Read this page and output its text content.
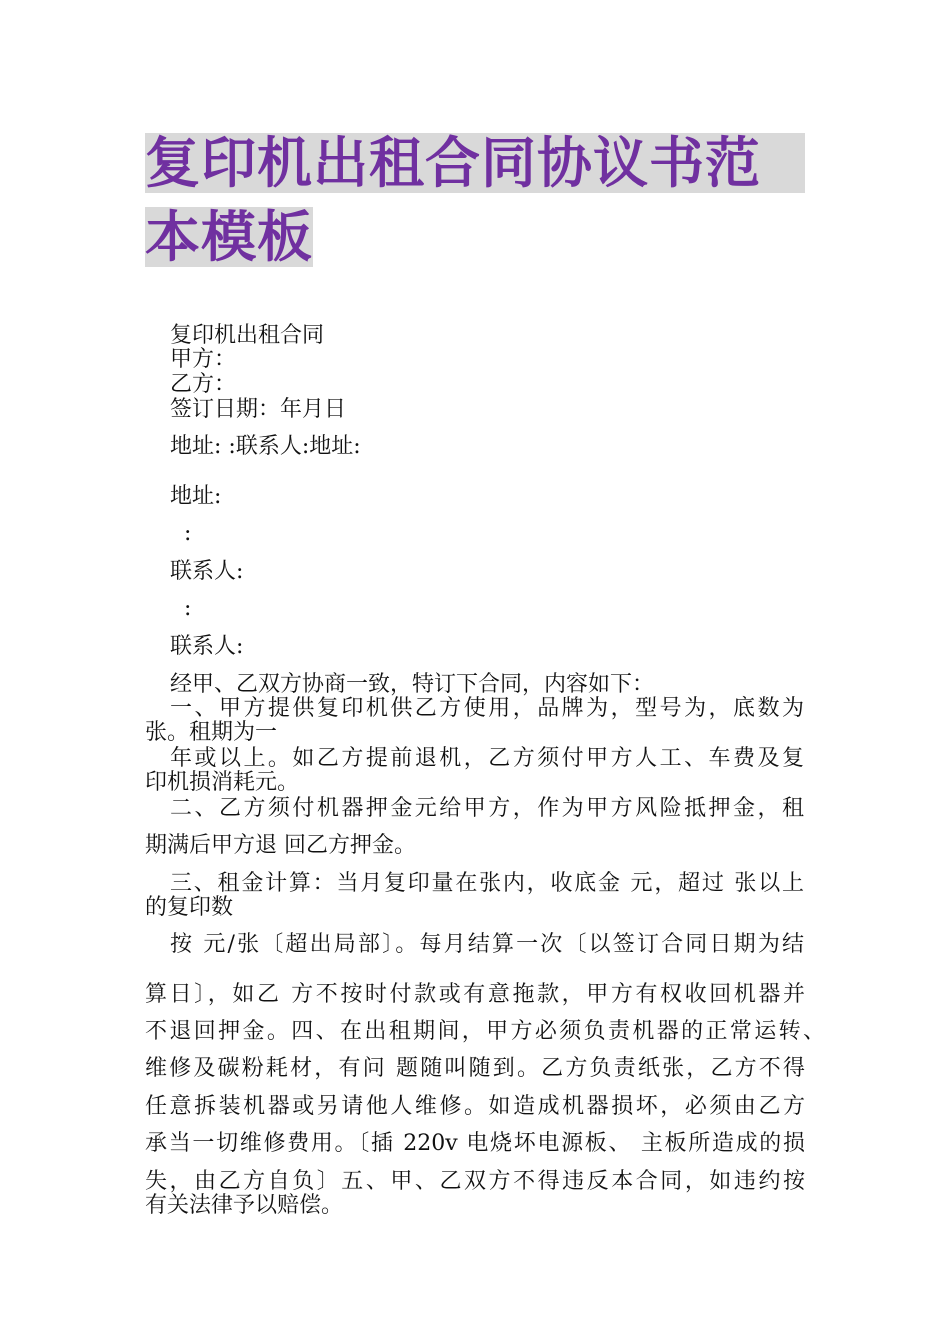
复印机出租合同协议书范
本模板

复印机出租合同

甲方：

乙方：

签订日期：年月日

地址: :联系人:地址:

地址:

:

联系人:

:

联系人:

经甲、乙双方协商一致，特订下合同，内容如下：

一、甲方提供复印机供乙方使用，品牌为，型号为，底数为

张。租期为一

年或以上。如乙方提前退机，乙方须付甲方人工、车费及复

印机损消耗元。

二、乙方须付机器押金元给甲方，作为甲方风险抵押金，租

期满后甲方退 回乙方押金。

三、租金计算：当月复印量在张内，收底金 元，超过 张以上

的复印数

按 元/张〔超出局部〕。每月结算一次〔以签订合同日期为结

算日〕，如乙 方不按时付款或有意拖款，甲方有权收回机器并

不退回押金。四、在出租期间，甲方必须负责机器的正常运转、

维修及碳粉耗材，有问 题随叫随到。乙方负责纸张，乙方不得

任意拆装机器或另请他人维修。如造成机器损坏，必须由乙方

承当一切维修费用。〔插 220v 电烧坏电源板、 主板所造成的损

失，由乙方自负〕五、甲、乙双方不得违反本合同，如违约按

有关法律予以赔偿。
